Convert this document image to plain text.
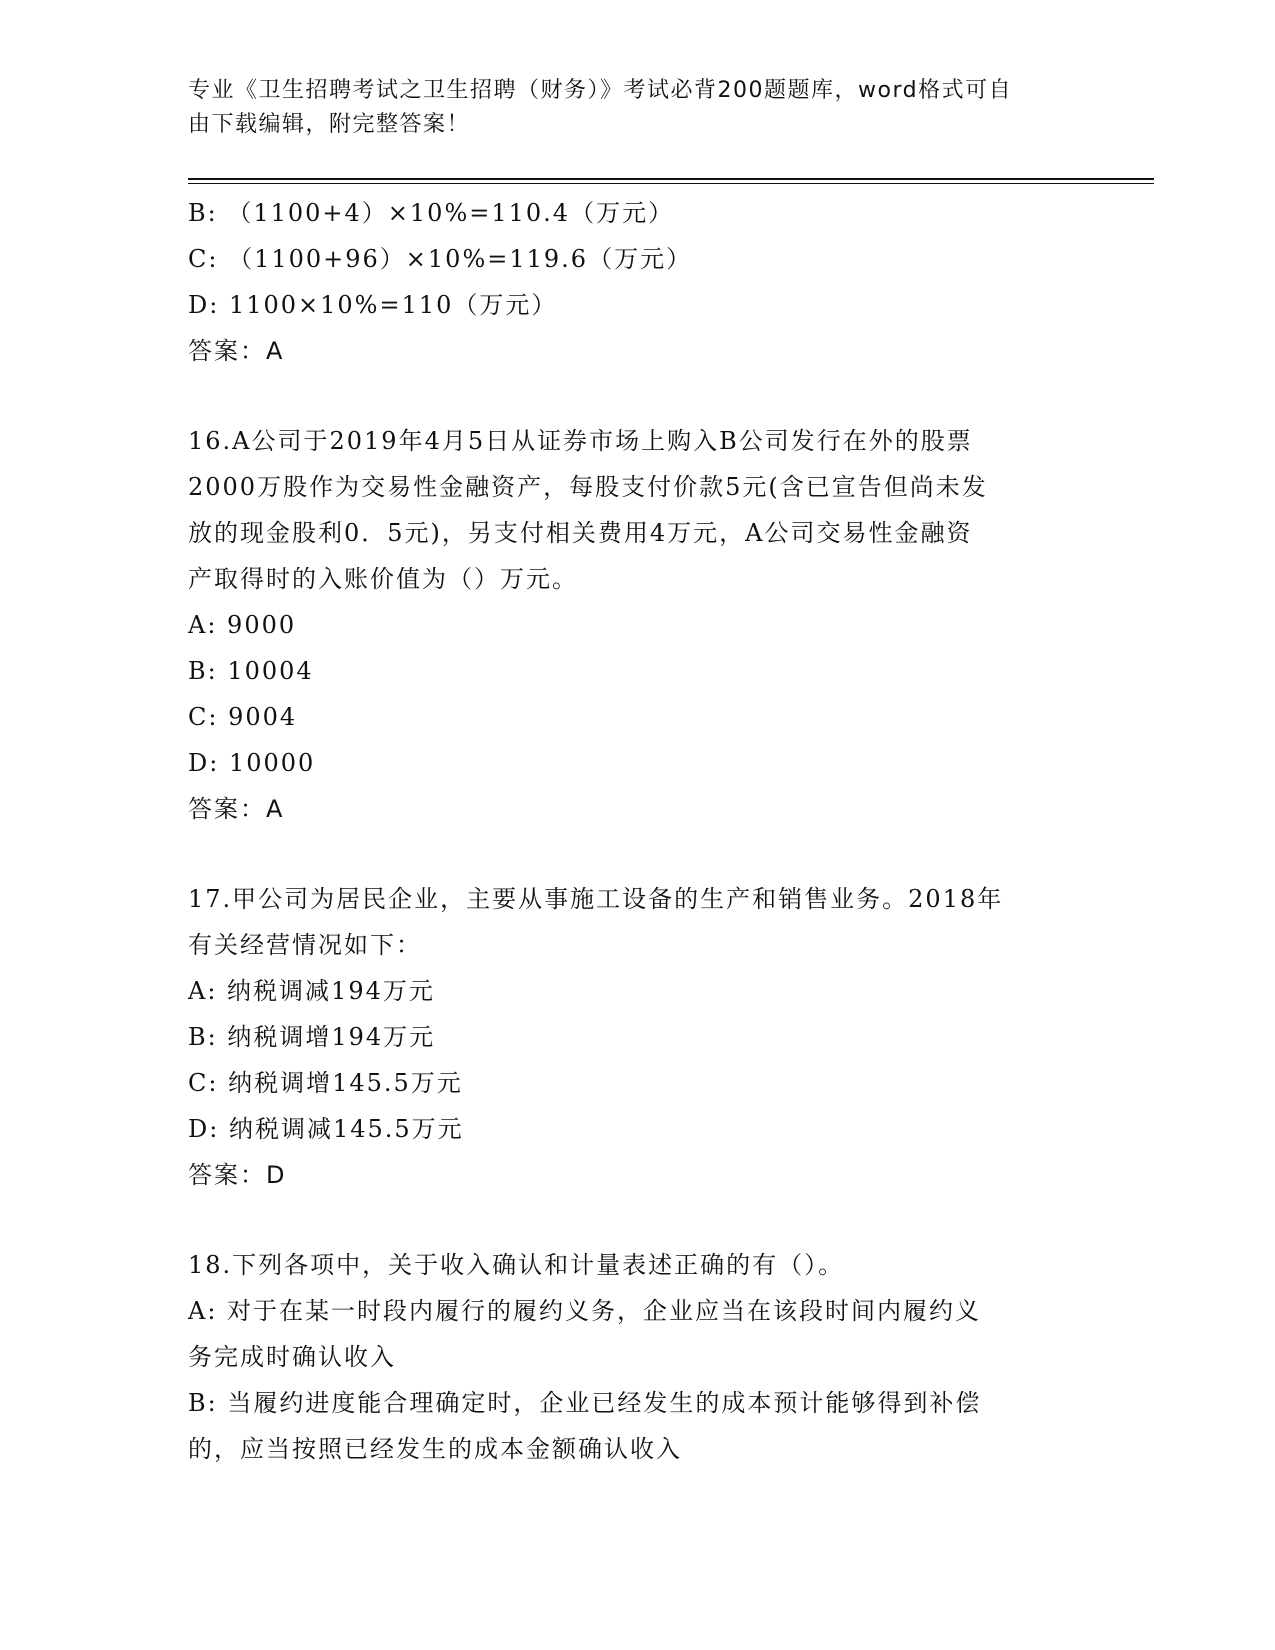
专业《卫生招聘考试之卫生招聘（财务）》考试必背200题题库，word格式可自
由下载编辑，附完整答案！
B: （1100+4）×10%=110.4（万元）
C: （1100+96）×10%=119.6（万元）
D: 1100×10%=110（万元）
答案：A
16.A公司于2019年4月5日从证券市场上购入B公司发行在外的股票
2000万股作为交易性金融资产，每股支付价款5元(含已宣告但尚未发
放的现金股利0．5元)，另支付相关费用4万元，A公司交易性金融资
产取得时的入账价值为（）万元。
A: 9000
B: 10004
C: 9004
D: 10000
答案：A
17.甲公司为居民企业，主要从事施工设备的生产和销售业务。2018年
有关经营情况如下：
A: 纳税调减194万元
B: 纳税调增194万元
C: 纳税调增145.5万元
D: 纳税调减145.5万元
答案：D
18.下列各项中，关于收入确认和计量表述正确的有（）。
A: 对于在某一时段内履行的履约义务，企业应当在该段时间内履约义
务完成时确认收入
B: 当履约进度能合理确定时，企业已经发生的成本预计能够得到补偿
的，应当按照已经发生的成本金额确认收入
